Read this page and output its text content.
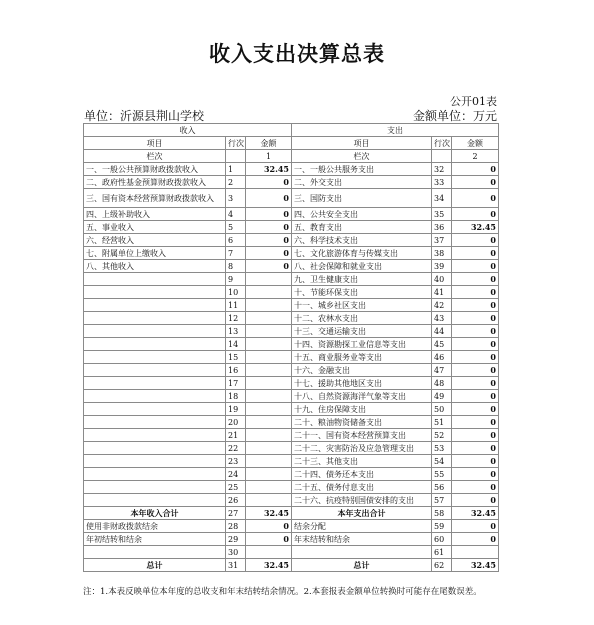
收入支出决算总表
公开01表
单位：沂源县荆山学校	金额单位：万元
收入			支出		
项目	行次	金额	项目	行次	金额
栏次		1	栏次		2
一、一般公共预算财政拨款收入	1	32.45	一、一般公共服务支出	32	0
二、政府性基金预算财政拨款收入	2	0	二、外交支出	33	0
三、国有资本经营预算财政拨款收入	3	0	三、国防支出	34	0
四、上级补助收入	4	0	四、公共安全支出	35	0
五、事业收入	5	0	五、教育支出	36	32.45
六、经营收入	6	0	六、科学技术支出	37	0
七、附属单位上缴收入	7	0	七、文化旅游体育与传媒支出	38	0
八、其他收入	8	0	八、社会保障和就业支出	39	0
	9		九、卫生健康支出	40	0
	10		十、节能环保支出	41	0
	11		十一、城乡社区支出	42	0
	12		十二、农林水支出	43	0
	13		十三、交通运输支出	44	0
	14		十四、资源勘探工业信息等支出	45	0
	15		十五、商业服务业等支出	46	0
	16		十六、金融支出	47	0
	17		十七、援助其他地区支出	48	0
	18		十八、自然资源海洋气象等支出	49	0
	19		十九、住房保障支出	50	0
	20		二十、粮油物资储备支出	51	0
	21		二十一、国有资本经营预算支出	52	0
	22		二十二、灾害防治及应急管理支出	53	0
	23		二十三、其他支出	54	0
	24		二十四、债务还本支出	55	0
	25		二十五、债务付息支出	56	0
	26		二十六、抗疫特别国债安排的支出	57	0
本年收入合计	27	32.45	本年支出合计	58	32.45
使用非财政拨款结余	28	0	结余分配	59	0
年初结转和结余	29	0	年末结转和结余	60	0
	30			61	
总计	31	32.45	总计	62	32.45
注：1.本表反映单位本年度的总收支和年末结转结余情况。2.本套报表金额单位转换时可能存在尾数误差。
